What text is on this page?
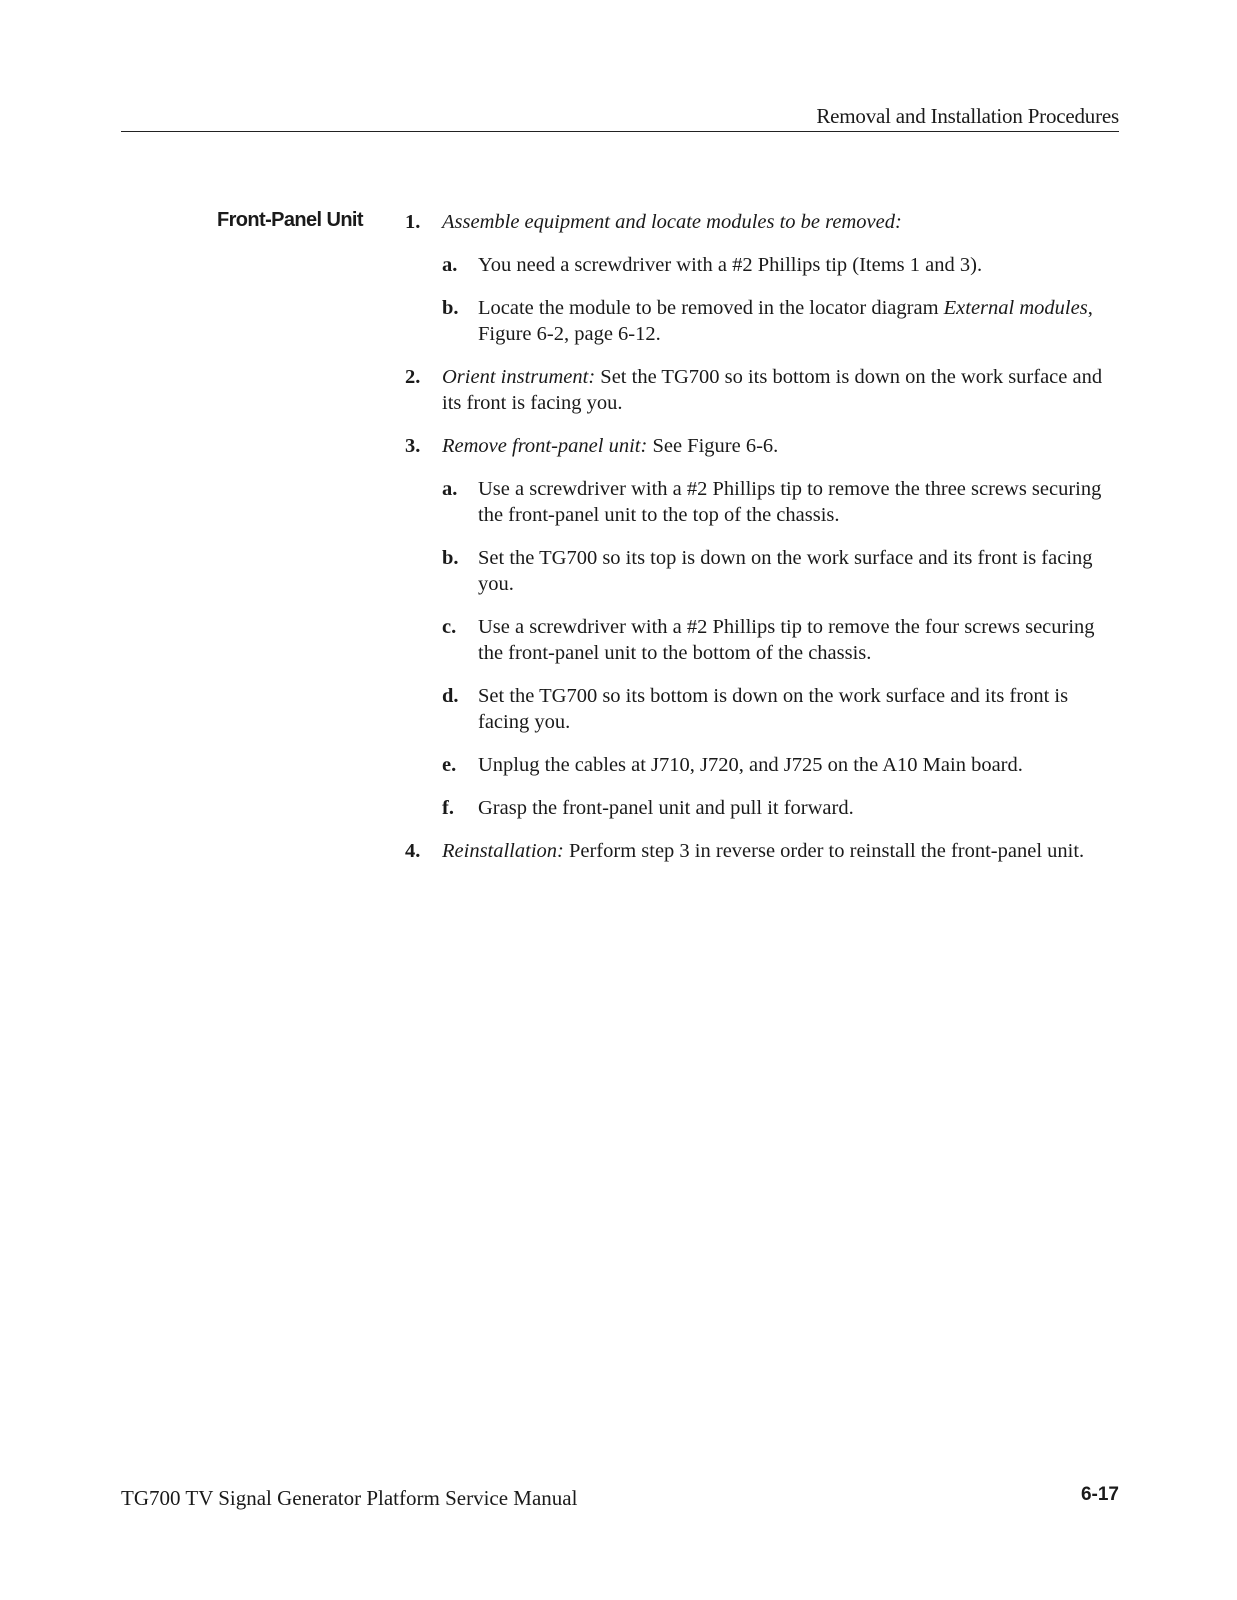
Removal and Installation Procedures
Front-Panel Unit	1. Assemble equipment and locate modules to be removed:
a. You need a screwdriver with a #2 Phillips tip (Items 1 and 3).
b. Locate the module to be removed in the locator diagram External modules, Figure 6-2, page 6-12.
2. Orient instrument: Set the TG700 so its bottom is down on the work surface and its front is facing you.
3. Remove front-panel unit: See Figure 6-6.
a. Use a screwdriver with a #2 Phillips tip to remove the three screws securing the front-panel unit to the top of the chassis.
b. Set the TG700 so its top is down on the work surface and its front is facing you.
c. Use a screwdriver with a #2 Phillips tip to remove the four screws securing the front-panel unit to the bottom of the chassis.
d. Set the TG700 so its bottom is down on the work surface and its front is facing you.
e. Unplug the cables at J710, J720, and J725 on the A10 Main board.
f. Grasp the front-panel unit and pull it forward.
4. Reinstallation: Perform step 3 in reverse order to reinstall the front-panel unit.
TG700 TV Signal Generator Platform Service Manual	6-17
